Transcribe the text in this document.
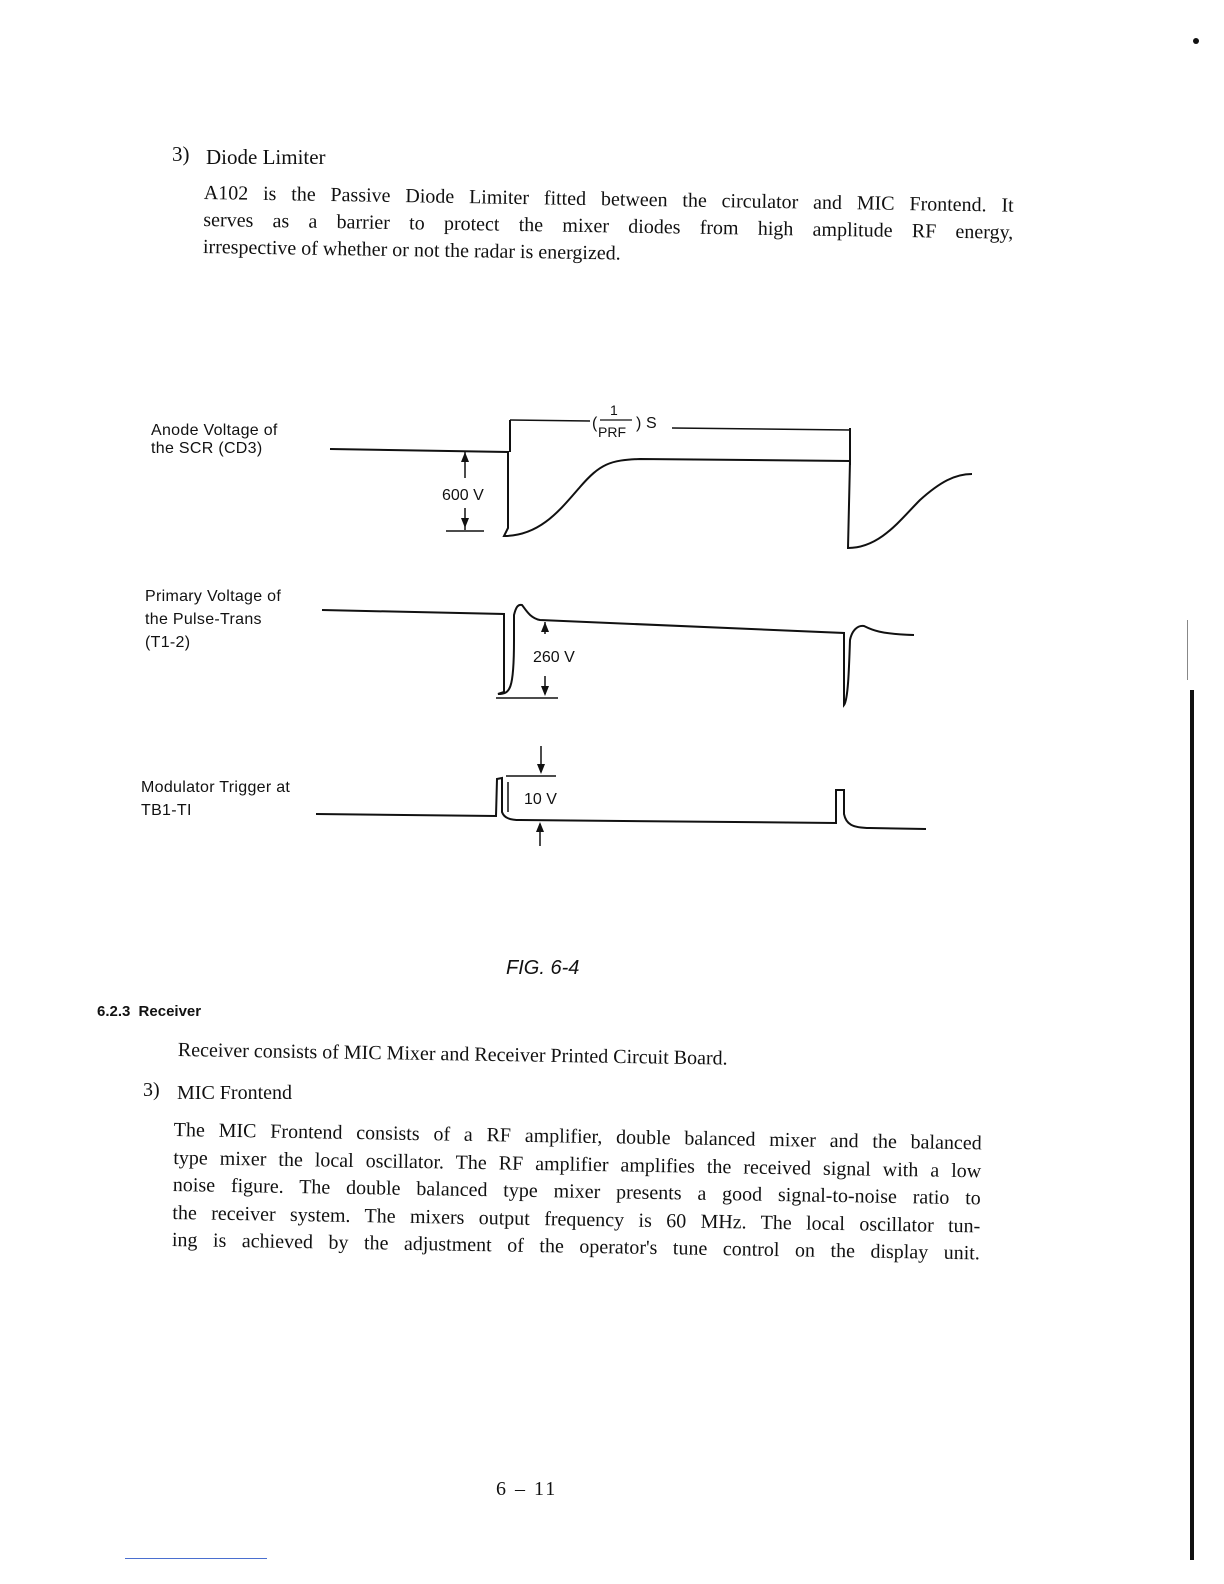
3) Diode Limiter
A102 is the Passive Diode Limiter fitted between the circulator and MIC Frontend. It
serves as a barrier to protect the mixer diodes from high amplitude RF energy,
irrespective of whether or not the radar is energized.
Anode Voltage of
the SCR (CD3)
Primary Voltage of
the Pulse-Trans
(T1-2)
Modulator Trigger at
TB1-TI
600 V
260 V
10 V
(
1
PRF ) S
FIG. 6-4
6.2.3 Receiver
Receiver consists of MIC Mixer and Receiver Printed Circuit Board.
3) MIC Frontend
The MIC Frontend consists of a RF amplifier, double balanced mixer and the balanced
type mixer the local oscillator. The RF amplifier amplifies the received signal with a low
noise figure. The double balanced type mixer presents a good signal-to-noise ratio to
the receiver system. The mixers output frequency is 60 MHz. The local oscillator tun-
ing is achieved by the adjustment of the operator's tune control on the display unit.
6 – 11
